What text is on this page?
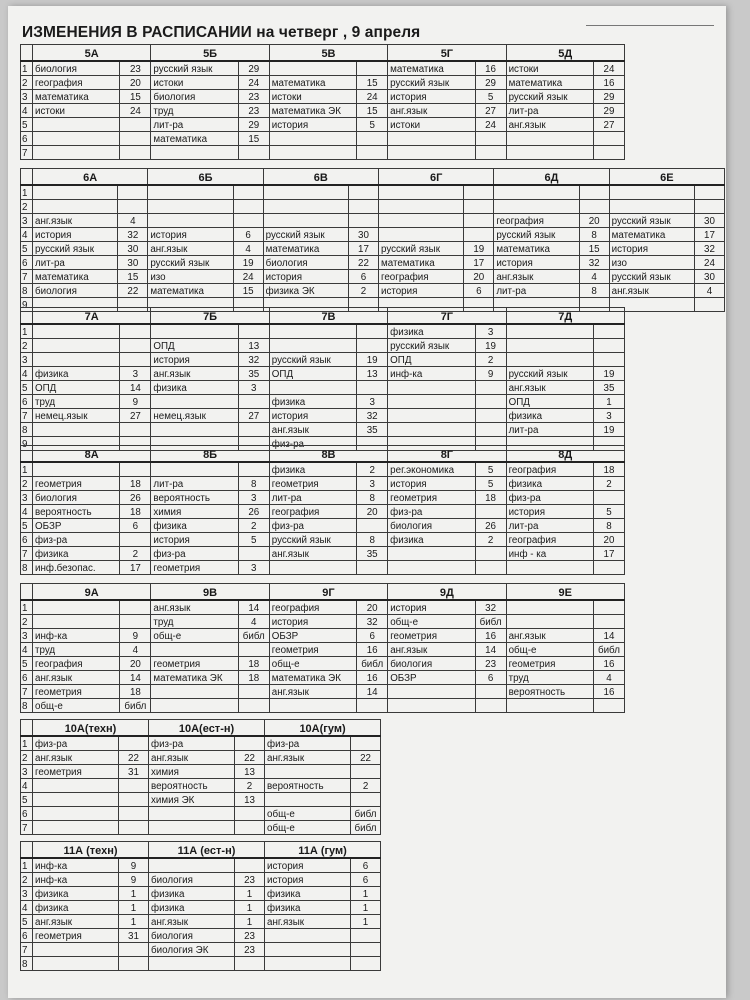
ИЗМЕНЕНИЯ В РАСПИСАНИИ на четверг , 9 апреля
	5А		5Б		5В		5Г		5Д	
1	биология	23	русский язык	29			математика	16	истоки	24
2	география	20	истоки	24	математика	15	русский язык	29	математика	16
3	математика	15	биология	23	истоки	24	история	5	русский язык	29
4	истоки	24	труд	23	математика ЭК	15	анг.язык	27	лит-ра	29
5			лит-ра	29	история	5	истоки	24	анг.язык	27
6			математика	15						
7										
	6А		6Б		6В		6Г		6Д		6Е	
1												
2												
3	анг.язык	4							география	20	русский язык	30
4	история	32	история	6	русский язык	30			русский язык	8	математика	17
5	русский язык	30	анг.язык	4	математика	17	русский язык	19	математика	15	история	32
6	лит-ра	30	русский язык	19	биология	22	математика	17	история	32	изо	24
7	математика	15	изо	24	история	6	география	20	анг.язык	4	русский язык	30
8	биология	22	математика	15	физика ЭК	2	история	6	лит-ра	8	анг.язык	4
9												
	7А		7Б		7В		7Г		7Д	
1							физика	3		
2			ОПД	13			русский язык	19		
3			история	32	русский язык	19	ОПД	2		
4	физика	3	анг.язык	35	ОПД	13	инф-ка	9	русский язык	19
5	ОПД	14	физика	3					анг.язык	35
6	труд	9			физика	3			ОПД	1
7	немец.язык	27	немец.язык	27	история	32			физика	3
8					анг.язык	35			лит-ра	19
9					физ-ра					
	8А		8Б		8В		8Г		8Д	
1					физика	2	рег.экономика	5	география	18
2	геометрия	18	лит-ра	8	геометрия	3	история	5	физика	2
3	биология	26	вероятность	3	лит-ра	8	геометрия	18	физ-ра	
4	вероятность	18	химия	26	география	20	физ-ра		история	5
5	ОБЗР	6	физика	2	физ-ра		биология	26	лит-ра	8
6	физ-ра		история	5	русский язык	8	физика	2	география	20
7	физика	2	физ-ра		анг.язык	35			инф - ка	17
8	инф.безопас.	17	геометрия	3						
	9А		9В		9Г		9Д		9Е	
1			анг.язык	14	география	20	история	32		
2			труд	4	история	32	общ-е	библ		
3	инф-ка	9	общ-е	библ	ОБЗР	6	геометрия	16	анг.язык	14
4	труд	4			геометрия	16	анг.язык	14	общ-е	библ
5	география	20	геометрия	18	общ-е	библ	биология	23	геометрия	16
6	анг.язык	14	математика ЭК	18	математика ЭК	16	ОБЗР	6	труд	4
7	геометрия	18			анг.язык	14			вероятность	16
8	общ-е	библ								
	10А(техн)		10А(ест-н)		10А(гум)	
1	физ-ра		физ-ра		физ-ра	
2	анг.язык	22	анг.язык	22	анг.язык	22
3	геометрия	31	химия	13		
4			вероятность	2	вероятность	2
5			химия ЭК	13		
6					общ-е	библ
7					общ-е	библ
	11А (техн)		11А (ест-н)		11А (гум)	
1	инф-ка	9			история	6
2	инф-ка	9	биология	23	история	6
3	физика	1	физика	1	физика	1
4	физика	1	физика	1	физика	1
5	анг.язык	1	анг.язык	1	анг.язык	1
6	геометрия	31	биология	23		
7			биология ЭК	23		
8						
